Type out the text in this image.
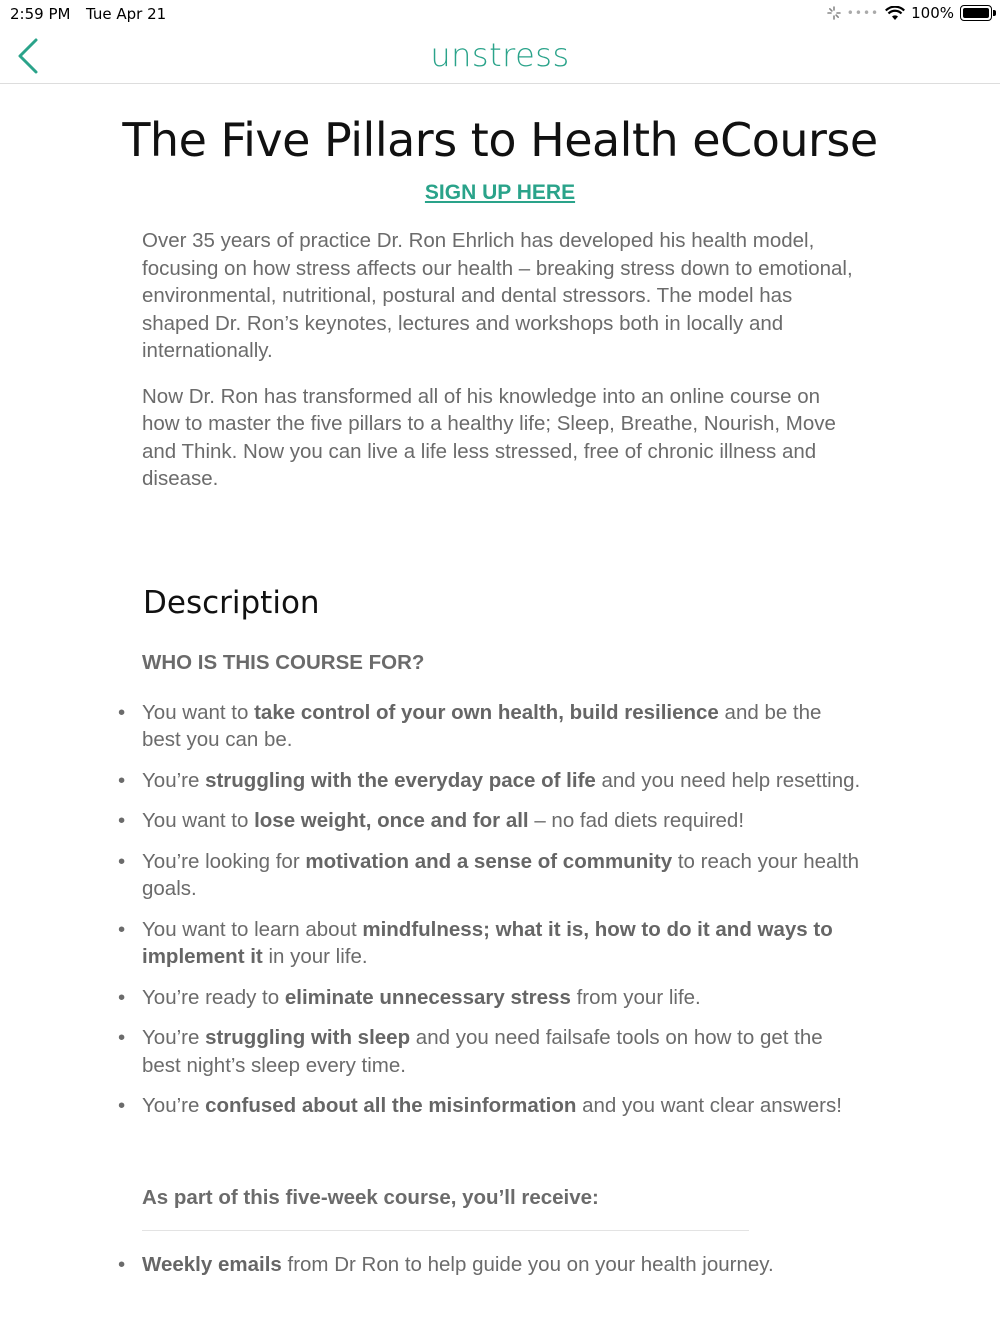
2:59 PM Tue Apr 21	•••• 100%
unstress
The Five Pillars to Health eCourse
SIGN UP HERE

Over 35 years of practice Dr. Ron Ehrlich has developed his health model, focusing on how stress affects our health – breaking stress down to emotional, environmental, nutritional, postural and dental stressors. The model has shaped Dr. Ron’s keynotes, lectures and workshops both in locally and internationally.

Now Dr. Ron has transformed all of his knowledge into an online course on how to master the five pillars to a healthy life; Sleep, Breathe, Nourish, Move and Think. Now you can live a life less stressed, free of chronic illness and disease.

Description
WHO IS THIS COURSE FOR?
• You want to take control of your own health, build resilience and be the best you can be.
• You’re struggling with the everyday pace of life and you need help resetting.
• You want to lose weight, once and for all – no fad diets required!
• You’re looking for motivation and a sense of community to reach your health goals.
• You want to learn about mindfulness; what it is, how to do it and ways to implement it in your life.
• You’re ready to eliminate unnecessary stress from your life.
• You’re struggling with sleep and you need failsafe tools on how to get the best night’s sleep every time.
• You’re confused about all the misinformation and you want clear answers!
As part of this five-week course, you’ll receive:
• Weekly emails from Dr Ron to help guide you on your health journey.
